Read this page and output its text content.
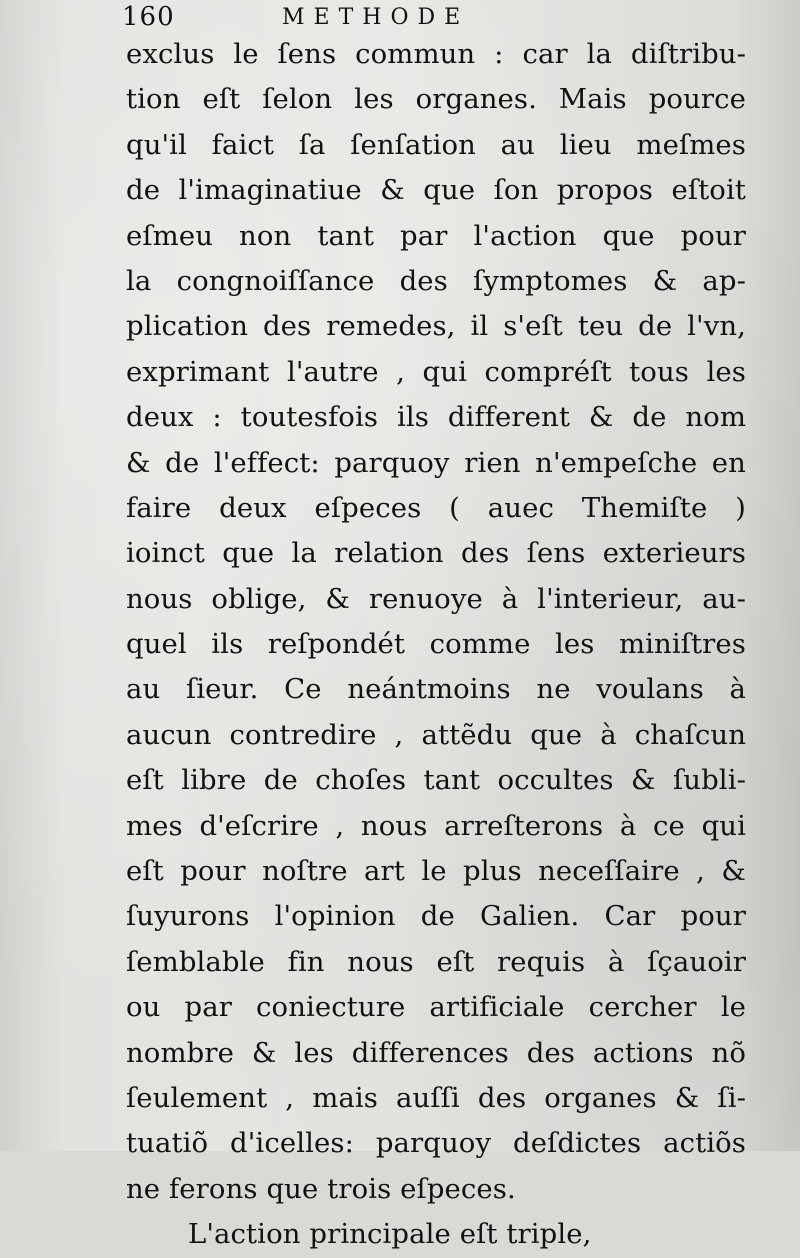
160	METHODE
exclus le ſens commun : car la diſtribu-
tion eſt ſelon les organes. Mais pource
qu'il faict ſa ſenſation au lieu meſmes
de l'imaginatiue & que ſon propos eſtoit
eſmeu non tant par l'action que pour
la congnoiſſance des ſymptomes & ap-
plication des remedes, il s'eſt teu de l'vn,
exprimant l'autre , qui compréſt tous les
deux : toutesfois ils different & de nom
& de l'effect: parquoy rien n'empeſche en
faire deux eſpeces ( auec Themiſte )
ioinct que la relation des ſens exterieurs
nous oblige, & renuoye à l'interieur, au-
quel ils reſpondét comme les miniſtres
au ſieur. Ce neántmoins ne voulans à
aucun contredire , attẽdu que à chaſcun
eſt libre de choſes tant occultes & ſubli-
mes d'eſcrire , nous arreſterons à ce qui
eſt pour noſtre art le plus neceſſaire , &
ſuyurons l'opinion de Galien. Car pour
ſemblable fin nous eſt requis à ſçauoir
ou par coniecture artificiale cercher le
nombre & les differences des actions nõ
ſeulement , mais auſſi des organes & ſi-
tuatiõ d'icelles: parquoy deſdictes actiõs
ne ferons que trois eſpeces.
L'action principale eſt triple,
